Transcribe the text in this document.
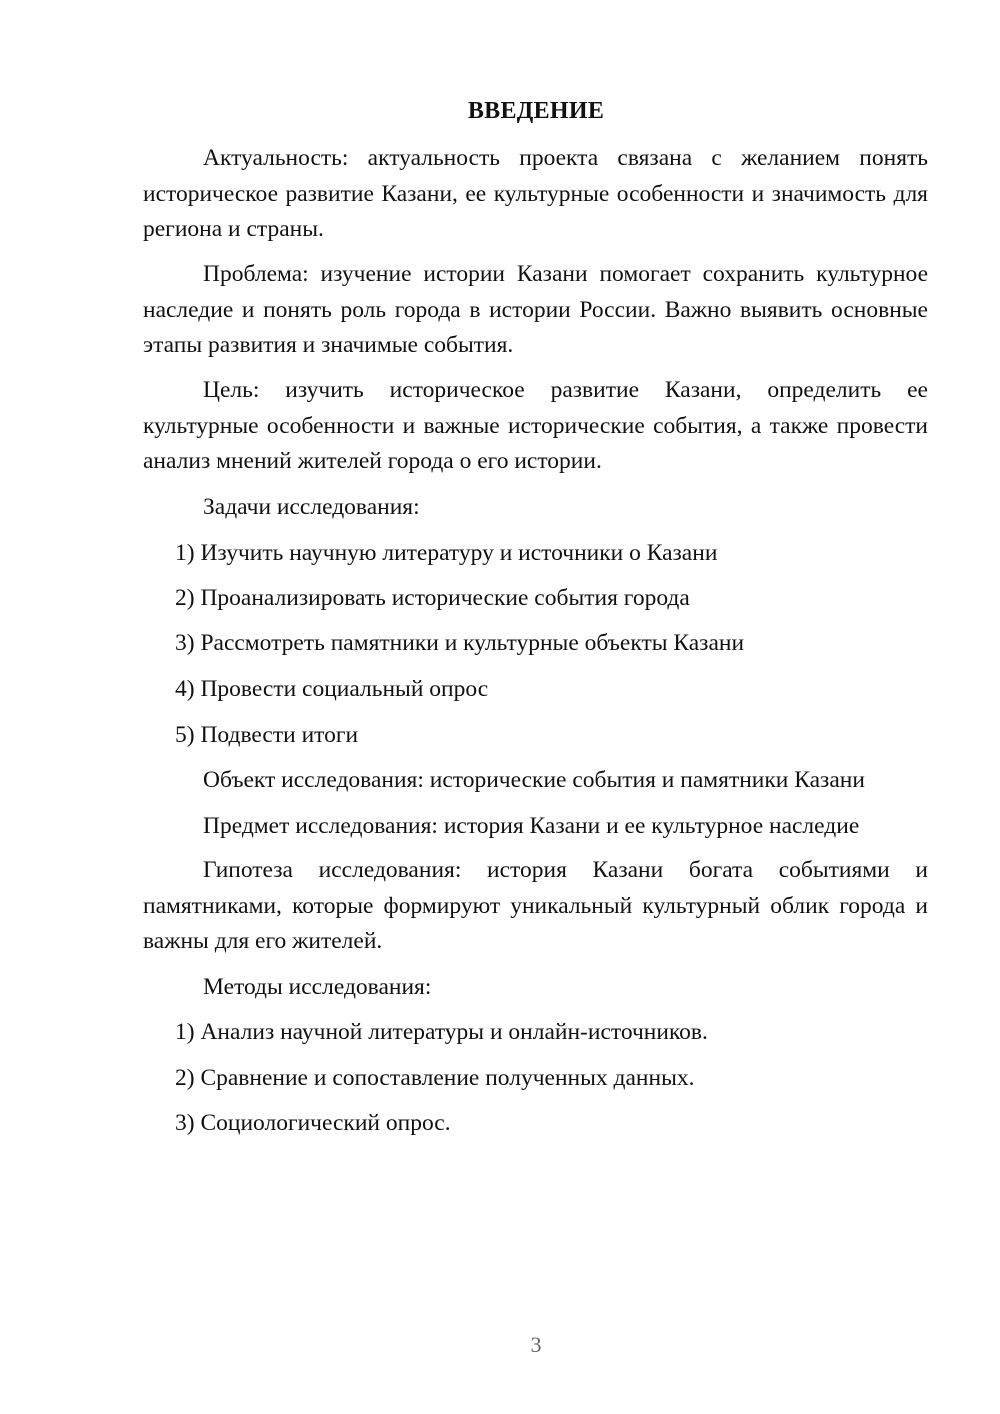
ВВЕДЕНИЕ

Актуальность: актуальность проекта связана с желанием понять историческое развитие Казани, ее культурные особенности и значимость для региона и страны.

Проблема: изучение истории Казани помогает сохранить культурное наследие и понять роль города в истории России. Важно выявить основные этапы развития и значимые события.

Цель: изучить историческое развитие Казани, определить ее культурные особенности и важные исторические события, а также провести анализ мнений жителей города о его истории.

Задачи исследования:

1) Изучить научную литературу и источники о Казани

2) Проанализировать исторические события города

3) Рассмотреть памятники и культурные объекты Казани

4) Провести социальный опрос

5) Подвести итоги

Объект исследования: исторические события и памятники Казани

Предмет исследования: история Казани и ее культурное наследие

Гипотеза исследования: история Казани богата событиями и памятниками, которые формируют уникальный культурный облик города и важны для его жителей.

Методы исследования:

1) Анализ научной литературы и онлайн-источников.

2) Сравнение и сопоставление полученных данных.

3) Социологический опрос.

3
